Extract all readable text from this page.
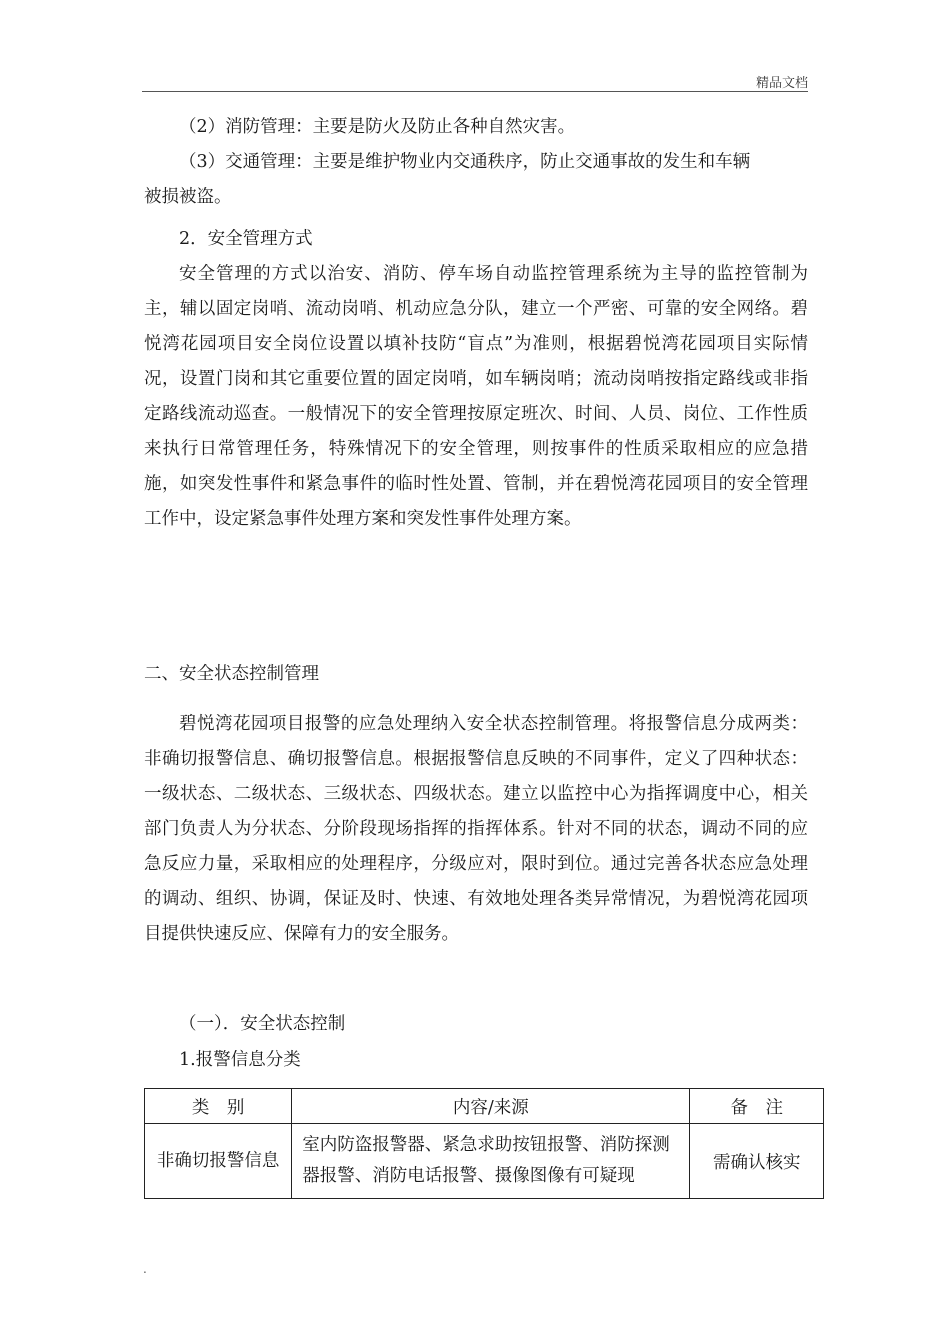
精品文档
（2）消防管理：主要是防火及防止各种自然灾害。
（3）交通管理：主要是维护物业内交通秩序，防止交通事故的发生和车辆
被损被盗。
2．安全管理方式
安全管理的方式以治安、消防、停车场自动监控管理系统为主导的监控管制为主，辅以固定岗哨、流动岗哨、机动应急分队，建立一个严密、可靠的安全网络。碧悦湾花园项目安全岗位设置以填补技防“盲点”为准则，根据碧悦湾花园项目实际情况，设置门岗和其它重要位置的固定岗哨，如车辆岗哨；流动岗哨按指定路线或非指定路线流动巡查。一般情况下的安全管理按原定班次、时间、人员、岗位、工作性质来执行日常管理任务，特殊情况下的安全管理，则按事件的性质采取相应的应急措施，如突发性事件和紧急事件的临时性处置、管制，并在碧悦湾花园项目的安全管理工作中，设定紧急事件处理方案和突发性事件处理方案。
二、安全状态控制管理
碧悦湾花园项目报警的应急处理纳入安全状态控制管理。将报警信息分成两类：非确切报警信息、确切报警信息。根据报警信息反映的不同事件，定义了四种状态：一级状态、二级状态、三级状态、四级状态。建立以监控中心为指挥调度中心，相关部门负责人为分状态、分阶段现场指挥的指挥体系。针对不同的状态，调动不同的应急反应力量，采取相应的处理程序，分级应对，限时到位。通过完善各状态应急处理的调动、组织、协调，保证及时、快速、有效地处理各类异常情况，为碧悦湾花园项目提供快速反应、保障有力的安全服务。
（一）．安全状态控制
1.报警信息分类
类　别	内容/来源	备　注
非确切报警信息	室内防盗报警器、紧急求助按钮报警、消防探测器报警、消防电话报警、摄像图像有可疑现	需确认核实
.
